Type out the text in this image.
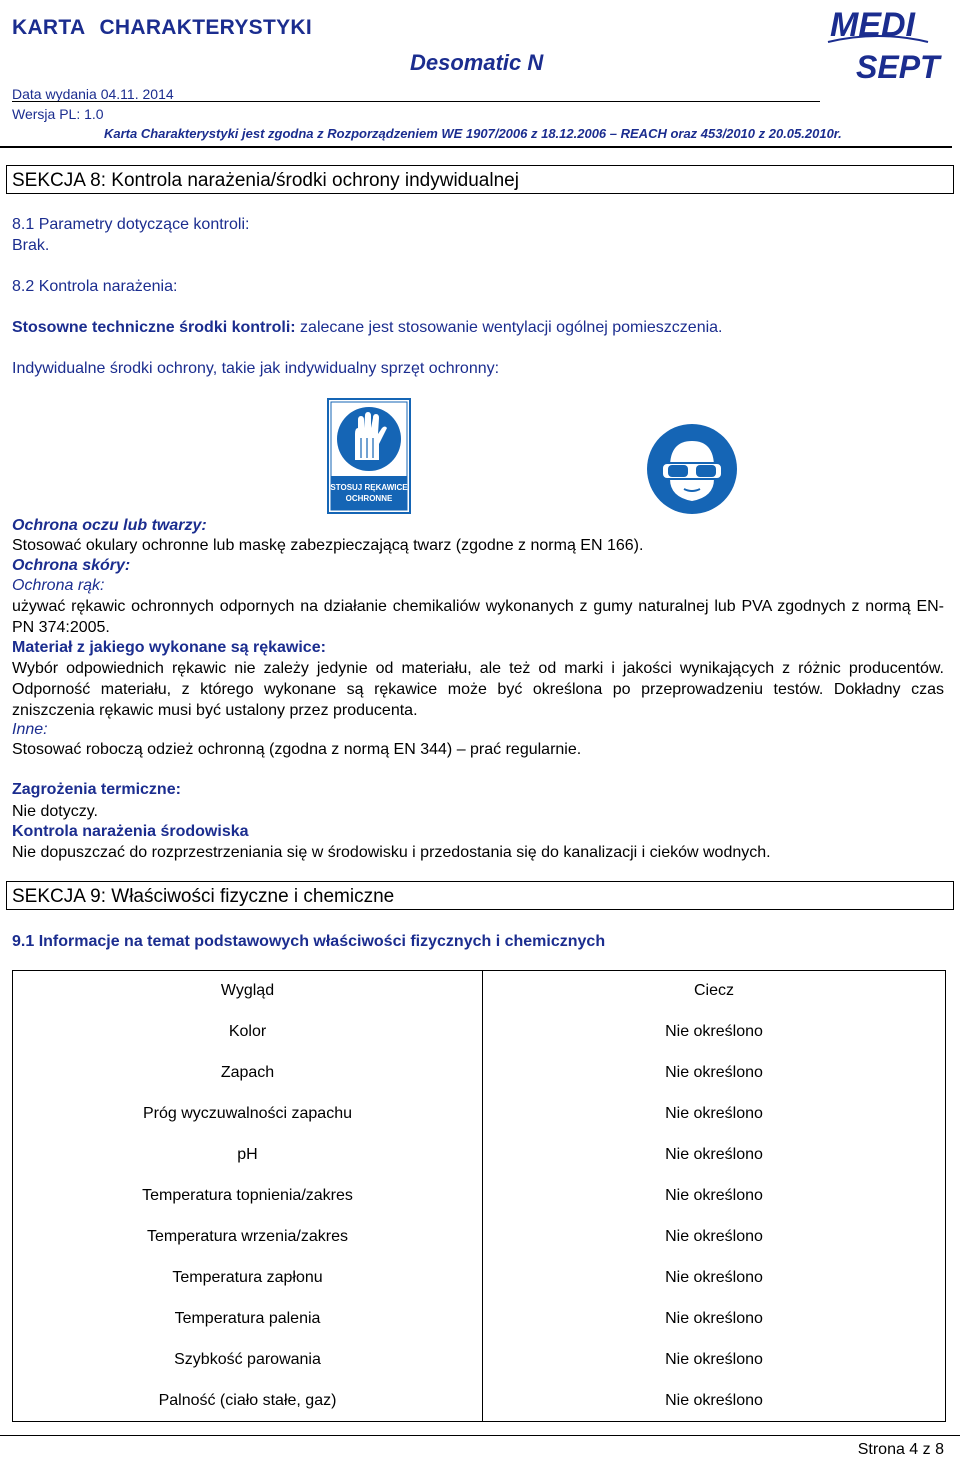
KARTA CHARAKTERYSTYKI
Desomatic N
Data wydania 04.11. 2014
Wersja PL: 1.0
Karta Charakterystyki jest zgodna z Rozporządzeniem WE 1907/2006 z 18.12.2006 – REACH oraz 453/2010 z 20.05.2010r.
MEDI
SEPT
SEKCJA 8: Kontrola narażenia/środki ochrony indywidualnej
8.1 Parametry dotyczące kontroli:
Brak.
8.2 Kontrola narażenia:
Stosowne techniczne środki kontroli: zalecane jest stosowanie wentylacji ogólnej pomieszczenia.
Indywidualne środki ochrony, takie jak indywidualny sprzęt ochronny:
STOSUJ RĘKAWICE
OCHRONNE
Ochrona oczu lub twarzy:
Stosować okulary ochronne lub maskę zabezpieczającą twarz (zgodne z normą EN 166).
Ochrona skóry:
Ochrona rąk:
używać rękawic ochronnych odpornych na działanie chemikaliów wykonanych z gumy naturalnej lub PVA zgodnych z normą EN-PN 374:2005.
Materiał z jakiego wykonane są rękawice:
Wybór odpowiednich rękawic nie zależy jedynie od materiału, ale też od marki i jakości wynikających z różnic producentów. Odporność materiału, z którego wykonane są rękawice może być określona po przeprowadzeniu testów. Dokładny czas zniszczenia rękawic musi być ustalony przez producenta.
Inne:
Stosować roboczą odzież ochronną (zgodna z normą EN 344) – prać regularnie.
Zagrożenia termiczne:
Nie dotyczy.
Kontrola narażenia środowiska
Nie dopuszczać do rozprzestrzeniania się w środowisku i przedostania się do kanalizacji i cieków wodnych.
SEKCJA 9: Właściwości fizyczne i chemiczne
9.1 Informacje na temat podstawowych właściwości fizycznych i chemicznych
Wygląd	Ciecz
Kolor	Nie określono
Zapach	Nie określono
Próg wyczuwalności zapachu	Nie określono
pH	Nie określono
Temperatura topnienia/zakres	Nie określono
Temperatura wrzenia/zakres	Nie określono
Temperatura zapłonu	Nie określono
Temperatura palenia	Nie określono
Szybkość parowania	Nie określono
Palność (ciało stałe, gaz)	Nie określono
Strona 4 z 8
